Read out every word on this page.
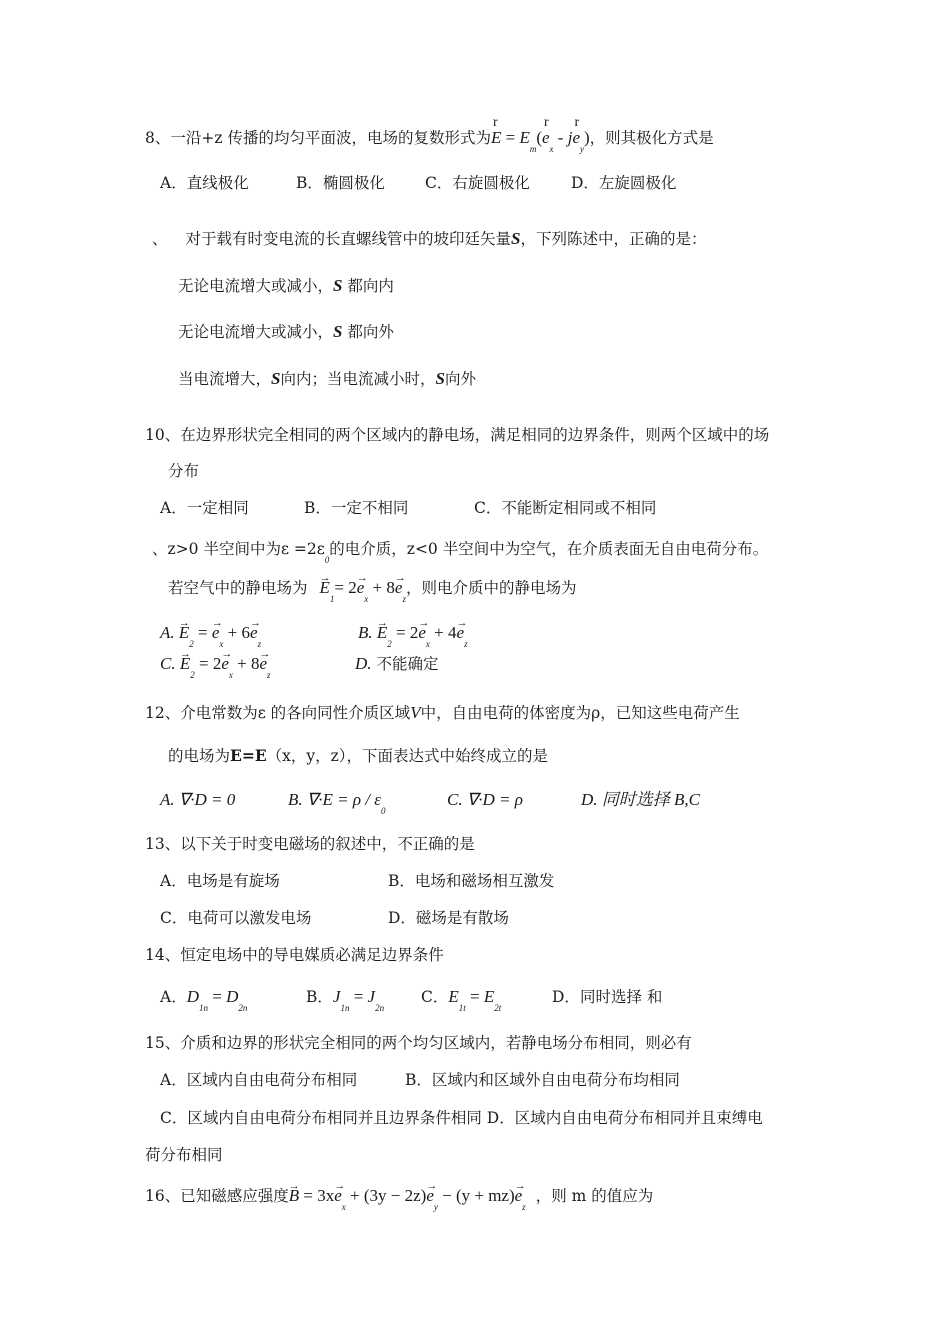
8、一沿+z 传播的均匀平面波，电场的复数形式为r $E = E_m(r$ $e_x$ - jr $e_y$)，则其极化方式是
A．直线极化	B．椭圆极化	C．右旋圆极化	D．左旋圆极化
、 对于载有时变电流的长直螺线管中的坡印廷矢量S，下列陈述中，正确的是：
无论电流增大或减小，S 都向内
无论电流增大或减小，S 都向外
当电流增大，S向内；当电流减小时，S向外
10、在边界形状完全相同的两个区域内的静电场，满足相同的边界条件，则两个区域中的场
分布
A．一定相同	B．一定不相同	C．不能断定相同或不相同
、z>0 半空间中为$\varepsilon =2\varepsilon_0$的电介质，z<0 半空间中为空气，在介质表面无自由电荷分布。
若空气中的静电场为 → $E_1= 2\to e_x + 8\to e_z$，则电介质中的静电场为
A. → $E_2$ = → $e_x + 6\to e_zB$. → $E_2 = 2\to e_x + 4\to e_z$
C. → $E_2 = 2\to e_x + 8\to e_zD$. 不能确定
12、介电常数为ε 的各向同性介质区域V中，自由电荷的体密度为ρ，已知这些电荷产生
的电场为E=E（x，y，z），下面表达式中始终成立的是
A. ∇·D = 0	B. $\nabla\cdot E = \rho / \varepsilon_0C$. ∇·D = ρ	D. 同时选择 B,C
13、以下关于时变电磁场的叙述中，不正确的是
A．电场是有旋场	B．电场和磁场相互激发
C．电荷可以激发电场	D．磁场是有散场
14、恒定电场中的导电媒质必满足边界条件
A．$D_{1n} = D_{2n}B$．$J_{1n} = J_{2n}C$．$E_{1t} = E_{2t}D$．同时选择 和
15、介质和边界的形状完全相同的两个均匀区域内，若静电场分布相同，则必有
A．区域内自由电荷分布相同	B．区域内和区域外自由电荷分布均相同
C．区域内自由电荷分布相同并且边界条件相同 D．区域内自由电荷分布相同并且束缚电
荷分布相同
16、已知磁感应强度→ $B = 3x\to e_x + (3y - 2z)\to e_y - (y + mz)\to e_z$，则 m 的值应为
